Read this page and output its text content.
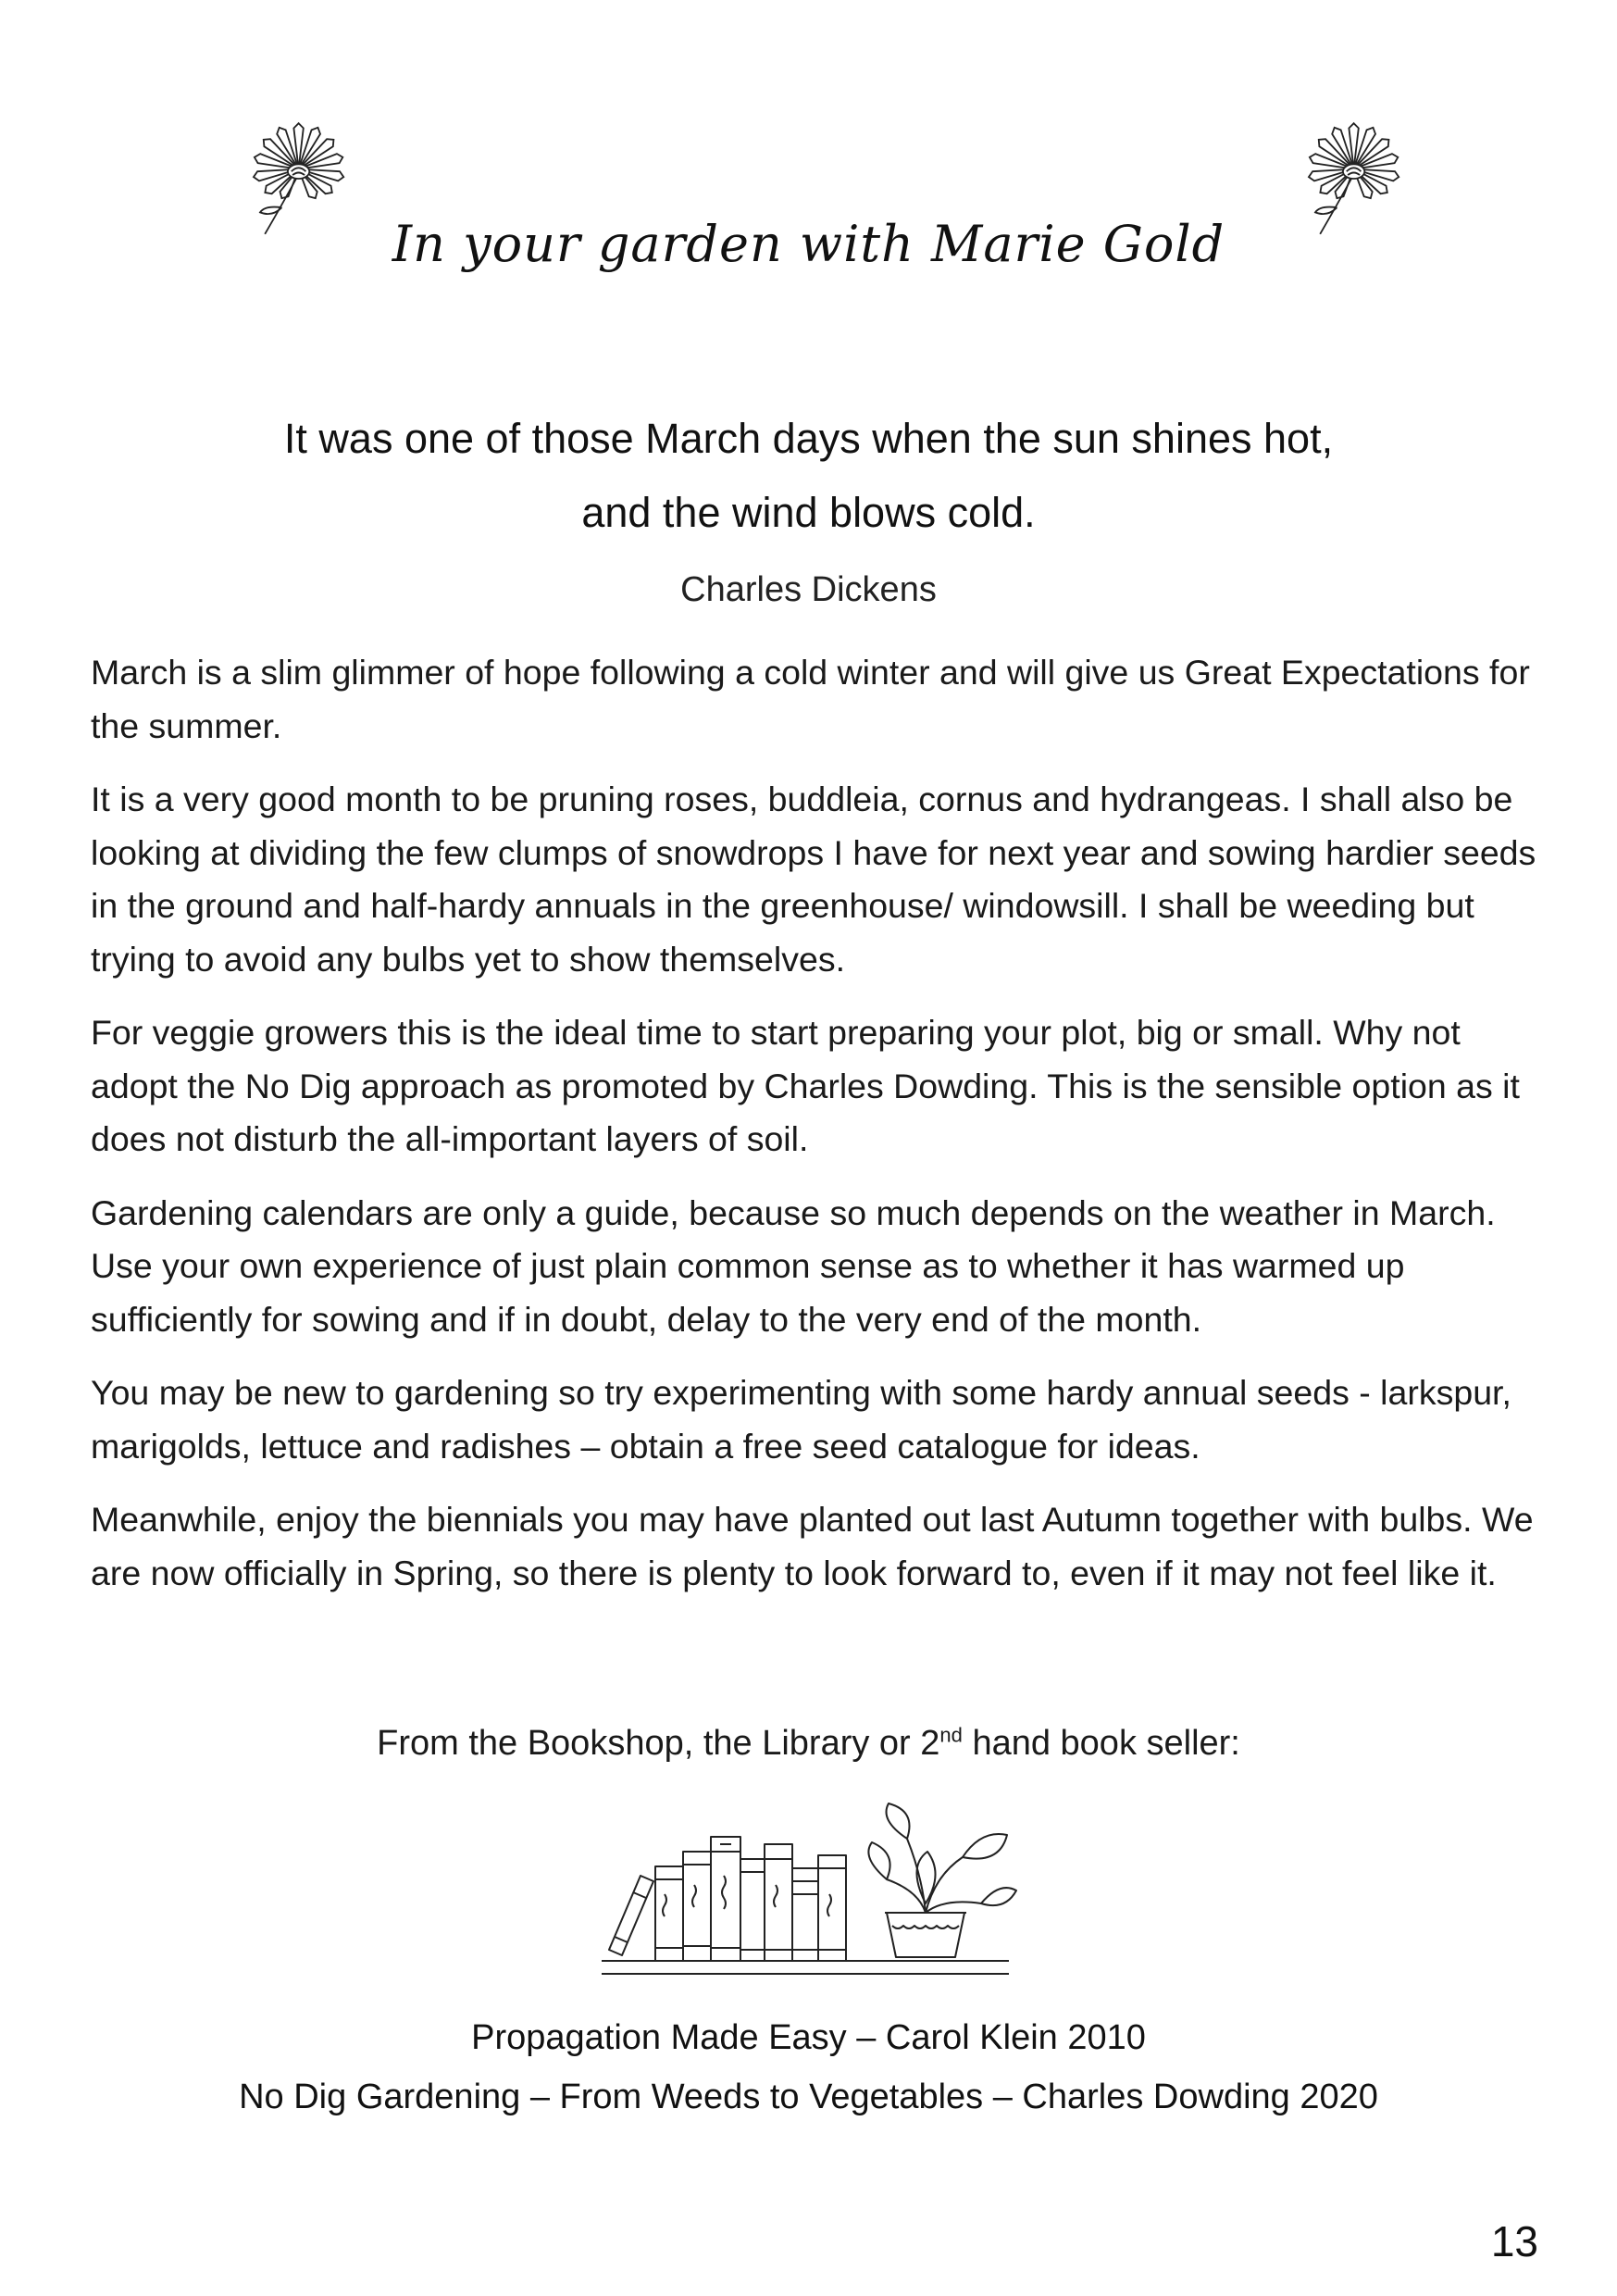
In your garden with Marie Gold
It was one of those March days when the sun shines hot,
and the wind blows cold.
Charles Dickens

March is a slim glimmer of hope following a cold winter and will give us Great Expectations for the summer.

It is a very good month to be pruning roses, buddleia, cornus and hydrangeas. I shall also be looking at dividing the few clumps of snowdrops I have for next year and sowing hardier seeds in the ground and half-hardy annuals in the greenhouse/ windowsill. I shall be weeding but trying to avoid any bulbs yet to show themselves.

For veggie growers this is the ideal time to start preparing your plot, big or small. Why not adopt the No Dig approach as promoted by Charles Dowding. This is the sensible option as it does not disturb the all-important layers of soil.

Gardening calendars are only a guide, because so much depends on the weather in March. Use your own experience of just plain common sense as to whether it has warmed up sufficiently for sowing and if in doubt, delay to the very end of the month.

You may be new to gardening so try experimenting with some hardy annual seeds - larkspur, marigolds, lettuce and radishes – obtain a free seed catalogue for ideas.

Meanwhile, enjoy the biennials you may have planted out last Autumn together with bulbs. We are now officially in Spring, so there is plenty to look forward to, even if it may not feel like it.

From the Bookshop, the Library or 2nd hand book seller:
Propagation Made Easy – Carol Klein 2010
No Dig Gardening – From Weeds to Vegetables – Charles Dowding 2020
13
